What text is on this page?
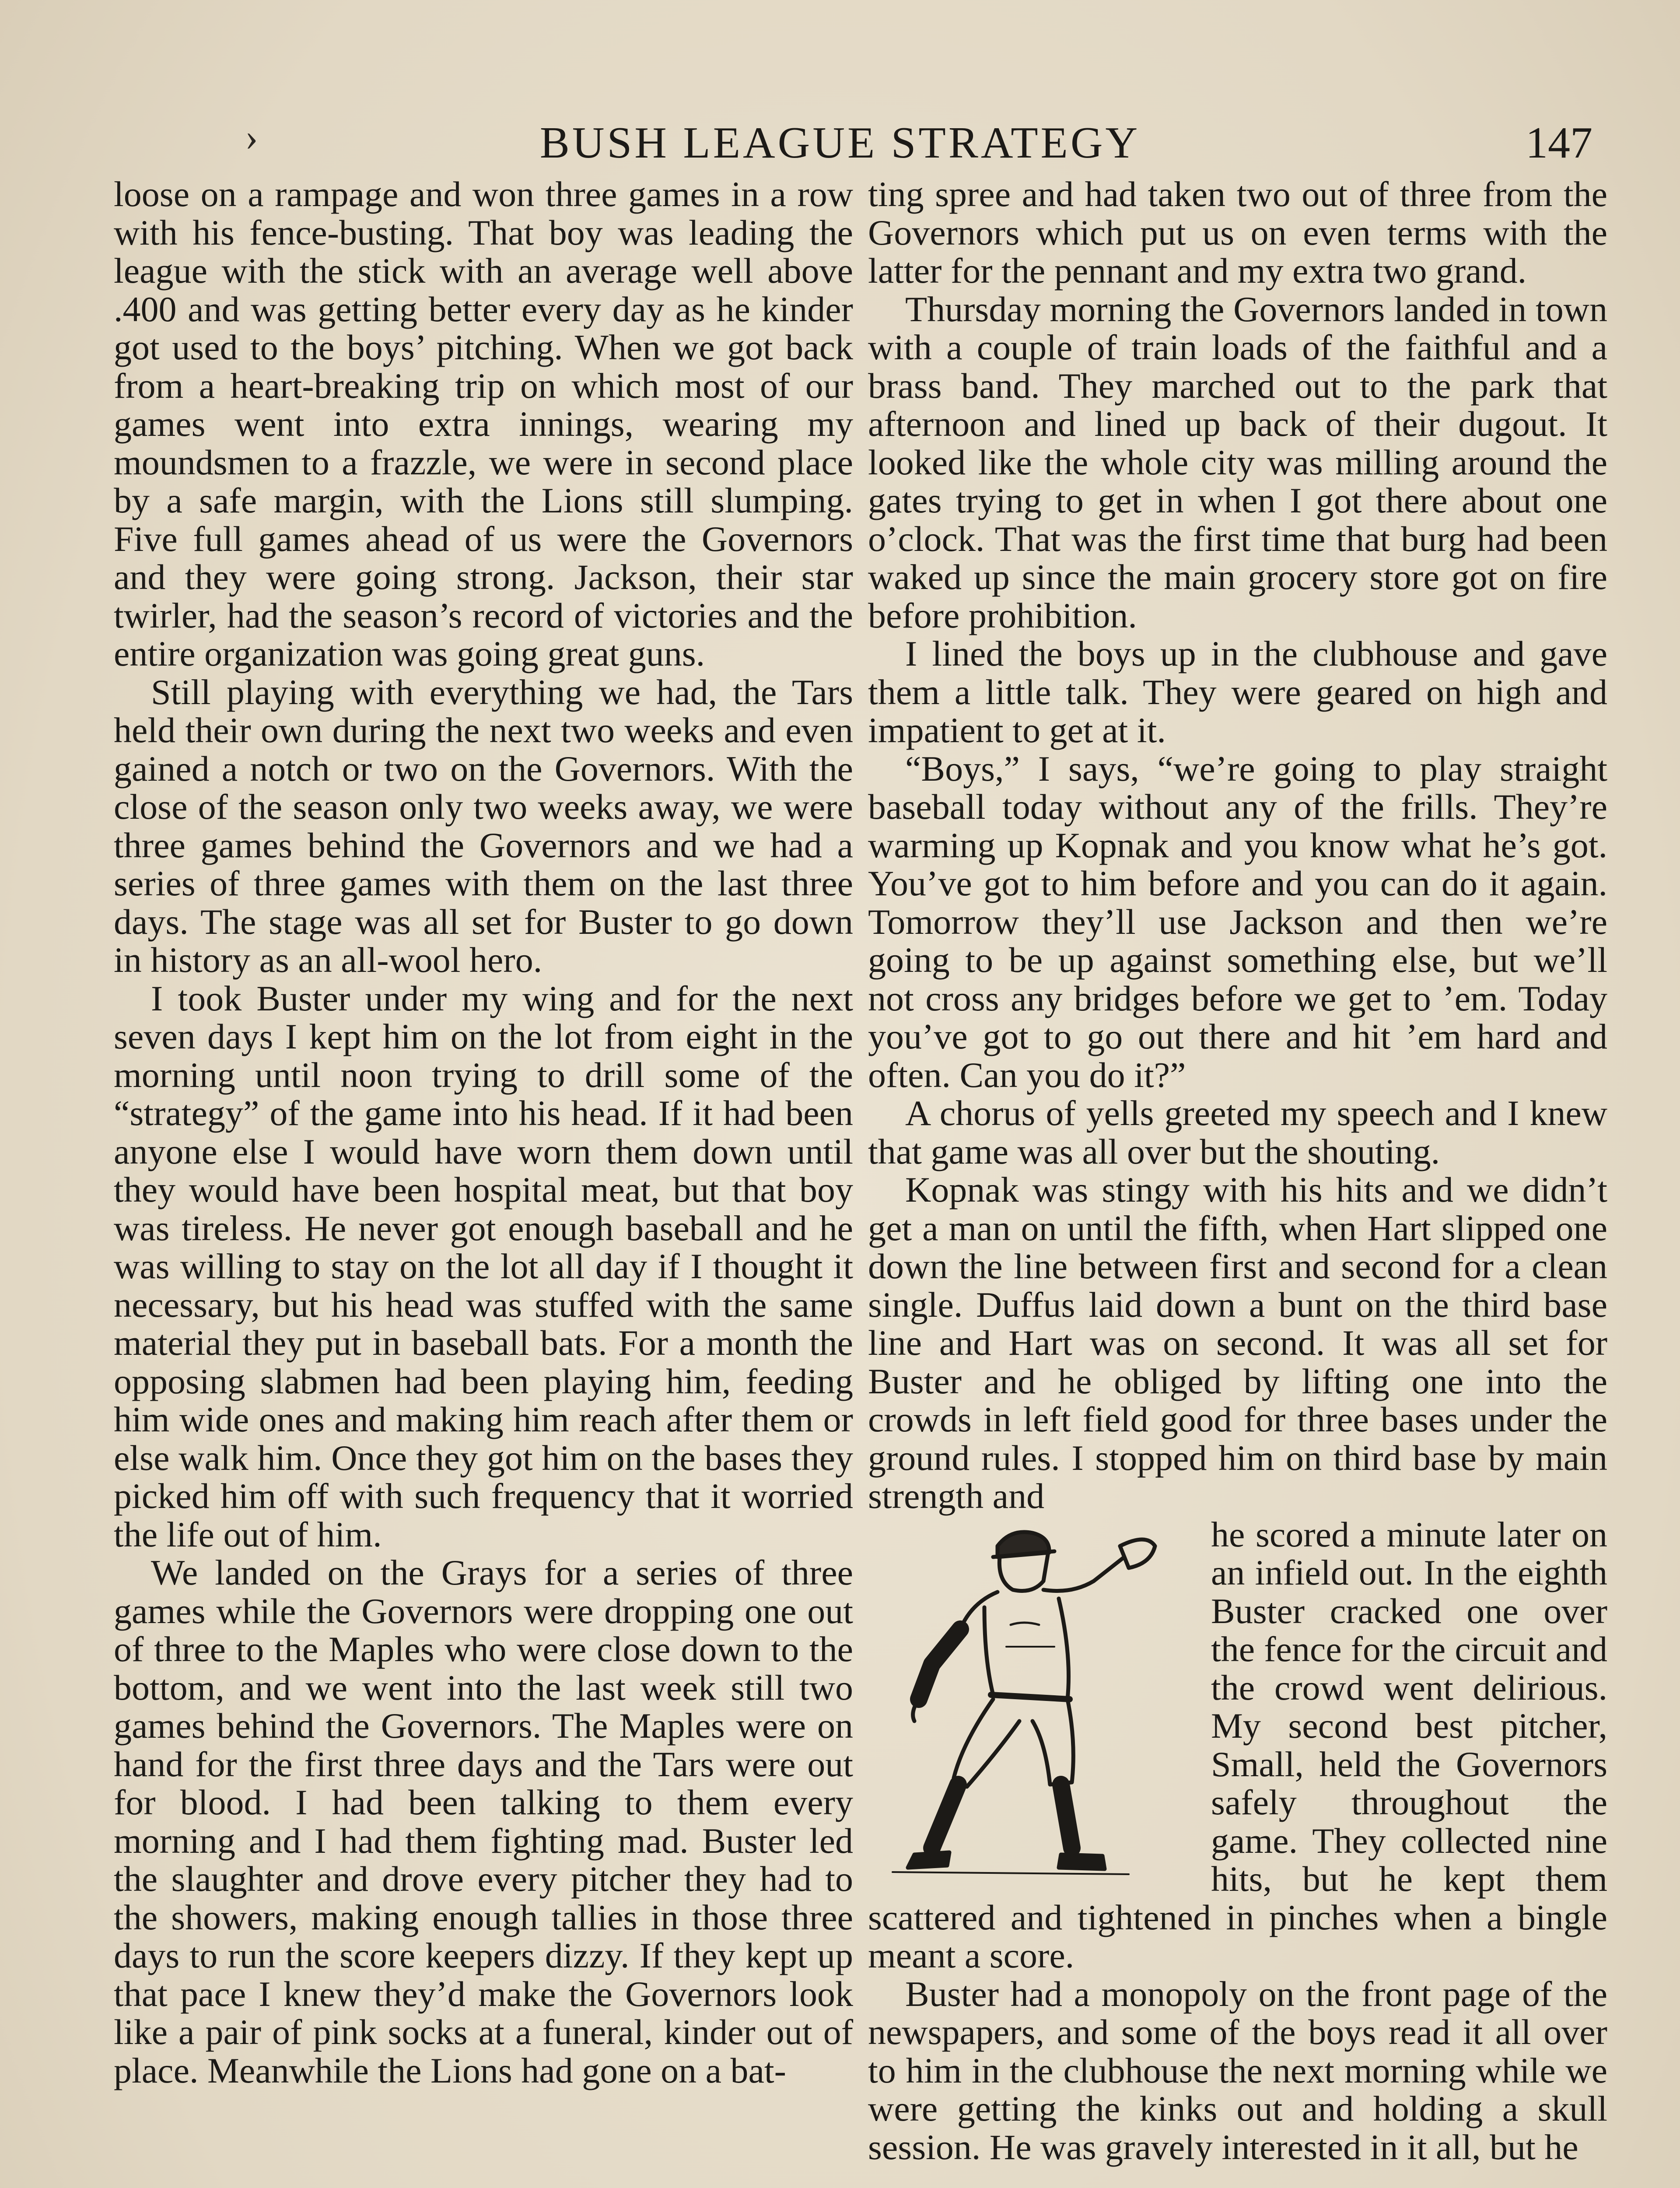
›	BUSH LEAGUE STRATEGY	147

loose on a rampage and won three games in a row with his fence-busting. That boy was leading the league with the stick with an average well above .400 and was getting better every day as he kinder got used to the boys’ pitching. When we got back from a heart-breaking trip on which most of our games went into extra innings, wearing my moundsmen to a frazzle, we were in second place by a safe margin, with the Lions still slumping. Five full games ahead of us were the Governors and they were going strong. Jackson, their star twirler, had the season’s record of victories and the entire organization was going great guns.

Still playing with everything we had, the Tars held their own during the next two weeks and even gained a notch or two on the Governors. With the close of the season only two weeks away, we were three games behind the Governors and we had a series of three games with them on the last three days. The stage was all set for Buster to go down in history as an all-wool hero.

I took Buster under my wing and for the next seven days I kept him on the lot from eight in the morning until noon trying to drill some of the “strategy” of the game into his head. If it had been anyone else I would have worn them down until they would have been hospital meat, but that boy was tireless. He never got enough baseball and he was willing to stay on the lot all day if I thought it necessary, but his head was stuffed with the same material they put in baseball bats. For a month the opposing slabmen had been playing him, feeding him wide ones and making him reach after them or else walk him. Once they got him on the bases they picked him off with such frequency that it worried the life out of him.

We landed on the Grays for a series of three games while the Governors were dropping one out of three to the Maples who were close down to the bottom, and we went into the last week still two games behind the Governors. The Maples were on hand for the first three days and the Tars were out for blood. I had been talking to them every morning and I had them fighting mad. Buster led the slaughter and drove every pitcher they had to the showers, making enough tallies in those three days to run the score keepers dizzy. If they kept up that pace I knew they’d make the Governors look like a pair of pink socks at a funeral, kinder out of place. Meanwhile the Lions had gone on a bat-

ting spree and had taken two out of three from the Governors which put us on even terms with the latter for the pennant and my extra two grand.

Thursday morning the Governors landed in town with a couple of train loads of the faithful and a brass band. They marched out to the park that afternoon and lined up back of their dugout. It looked like the whole city was milling around the gates trying to get in when I got there about one o’clock. That was the first time that burg had been waked up since the main grocery store got on fire before prohibition.

I lined the boys up in the clubhouse and gave them a little talk. They were geared on high and impatient to get at it.

“Boys,” I says, “we’re going to play straight baseball today without any of the frills. They’re warming up Kopnak and you know what he’s got. You’ve got to him before and you can do it again. Tomorrow they’ll use Jackson and then we’re going to be up against something else, but we’ll not cross any bridges before we get to ’em. Today you’ve got to go out there and hit ’em hard and often. Can you do it?”

A chorus of yells greeted my speech and I knew that game was all over but the shouting.

Kopnak was stingy with his hits and we didn’t get a man on until the fifth, when Hart slipped one down the line between first and second for a clean single. Duffus laid down a bunt on the third base line and Hart was on second. It was all set for Buster and he obliged by lifting one into the crowds in left field good for three bases under the ground rules. I stopped him on third base by main strength and

he scored a minute later on an infield out. In the eighth Buster cracked one over the fence for the circuit and the crowd went delirious. My second best pitcher, Small, held the Governors safely throughout the game. They collected nine hits, but he kept them scattered and tightened in pinches when a bingle meant a score.

Buster had a monopoly on the front page of the newspapers, and some of the boys read it all over to him in the clubhouse the next morning while we were getting the kinks out and holding a skull session. He was gravely interested in it all, but he
